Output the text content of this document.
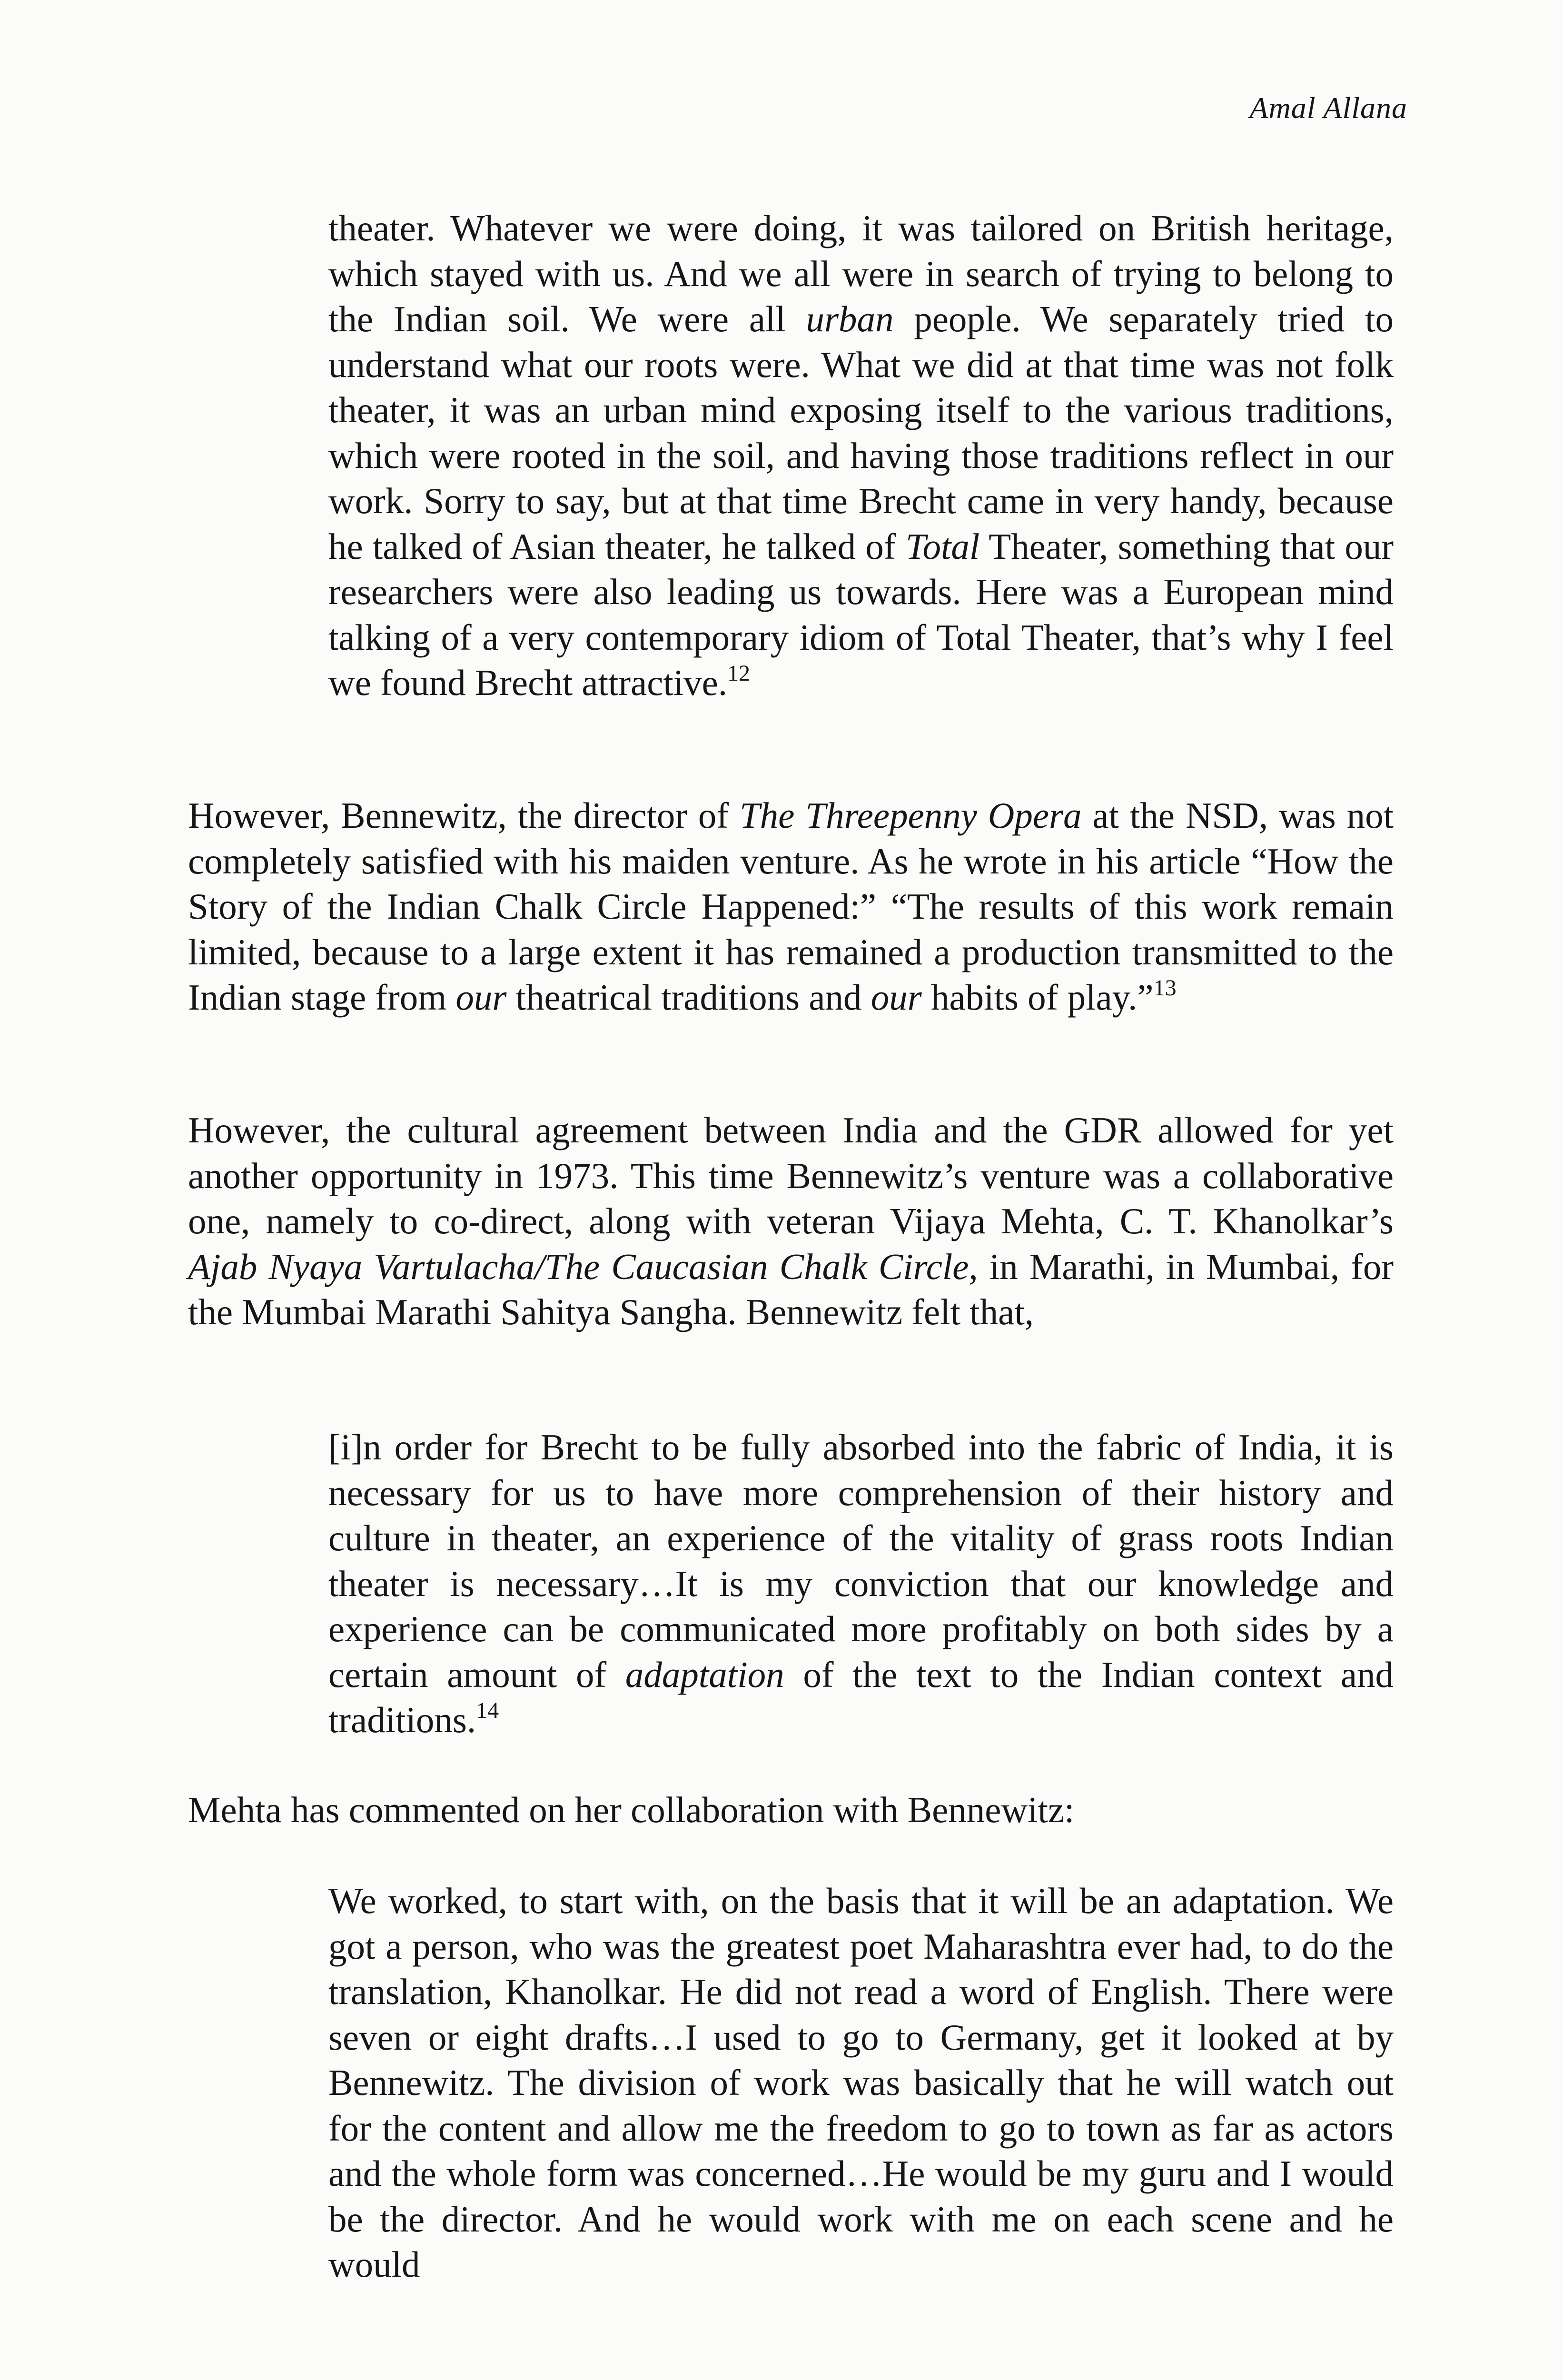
Amal Allana

theater. Whatever we were doing, it was tailored on British heritage, which stayed with us. And we all were in search of trying to belong to the Indian soil. We were all urban people. We separately tried to understand what our roots were. What we did at that time was not folk theater, it was an urban mind exposing itself to the various traditions, which were rooted in the soil, and having those traditions reflect in our work. Sorry to say, but at that time Brecht came in very handy, because he talked of Asian theater, he talked of Total Theater, something that our researchers were also leading us towards. Here was a European mind talking of a very contemporary idiom of Total Theater, that’s why I feel we found Brecht attractive.$^{12}$

However, Bennewitz, the director of The Threepenny Opera at the NSD, was not completely satisfied with his maiden venture. As he wrote in his article “How the Story of the Indian Chalk Circle Happened:” “The results of this work remain limited, because to a large extent it has remained a production transmitted to the Indian stage from our theatrical traditions and our habits of play.”$^{13}$

However, the cultural agreement between India and the GDR allowed for yet another opportunity in 1973. This time Bennewitz’s venture was a collaborative one, namely to co-direct, along with veteran Vijaya Mehta, C. T. Khanolkar’s Ajab Nyaya Vartulacha/The Caucasian Chalk Circle, in Marathi, in Mumbai, for the Mumbai Marathi Sahitya Sangha. Bennewitz felt that,

[i]n order for Brecht to be fully absorbed into the fabric of India, it is necessary for us to have more comprehension of their history and culture in theater, an experience of the vitality of grass roots Indian theater is necessary…It is my conviction that our knowledge and experience can be communicated more profitably on both sides by a certain amount of adaptation of the text to the Indian context and traditions.$^{14}$

Mehta has commented on her collaboration with Bennewitz:

We worked, to start with, on the basis that it will be an adaptation. We got a person, who was the greatest poet Maharashtra ever had, to do the translation, Khanolkar. He did not read a word of English. There were seven or eight drafts…I used to go to Germany, get it looked at by Bennewitz. The division of work was basically that he will watch out for the content and allow me the freedom to go to town as far as actors and the whole form was concerned…He would be my guru and I would be the director. And he would work with me on each scene and he would
